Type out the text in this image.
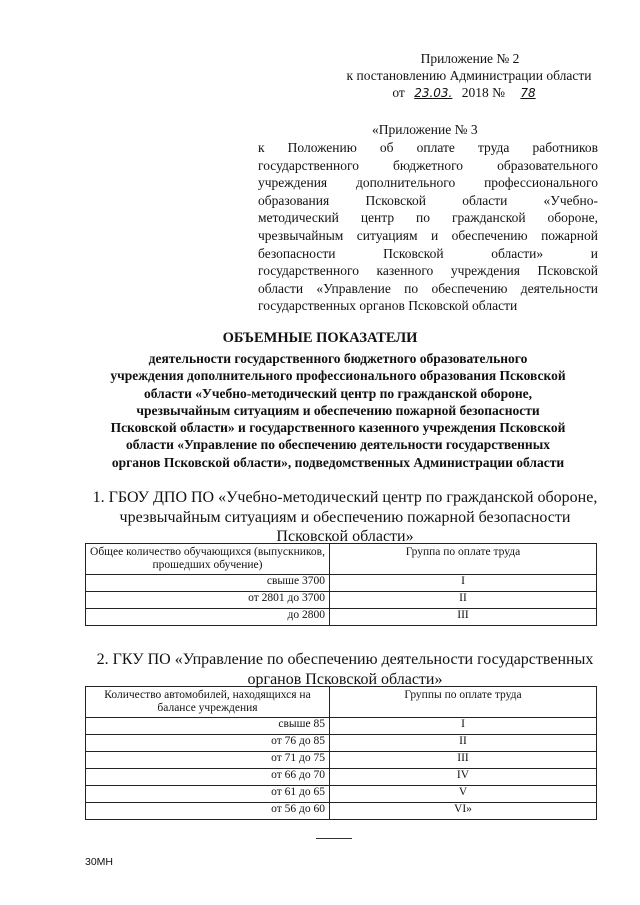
Приложение № 2
к постановлению Администрации области
от 23.03. 2018 № 78
«Приложение № 3
к Положению об оплате труда работников
государственного бюджетного образовательного
учреждения дополнительного профессионального
образования Псковской области «Учебно-
методический центр по гражданской обороне,
чрезвычайным ситуациям и обеспечению пожарной
безопасности Псковской области» и
государственного казенного учреждения Псковской
области «Управление по обеспечению деятельности
государственных органов Псковской области
ОБЪЕМНЫЕ ПОКАЗАТЕЛИ
деятельности государственного бюджетного образовательного
учреждения дополнительного профессионального образования Псковской
области «Учебно-методический центр по гражданской обороне,
чрезвычайным ситуациям и обеспечению пожарной безопасности
Псковской области» и государственного казенного учреждения Псковской
области «Управление по обеспечению деятельности государственных
органов Псковской области», подведомственных Администрации области
1. ГБОУ ДПО ПО «Учебно-методический центр по гражданской обороне,
чрезвычайным ситуациям и обеспечению пожарной безопасности
Псковской области»
Общее количество обучающихся (выпускников, прошедших обучение)	Группа по оплате труда
свыше 3700	I
от 2801 до 3700	II
до 2800	III
2. ГКУ ПО «Управление по обеспечению деятельности государственных
органов Псковской области»
Количество автомобилей, находящихся на балансе учреждения	Группы по оплате труда
свыше 85	I
от 76 до 85	II
от 71 до 75	III
от 66 до 70	IV
от 61 до 65	V
от 56 до 60	VI»
30МН
